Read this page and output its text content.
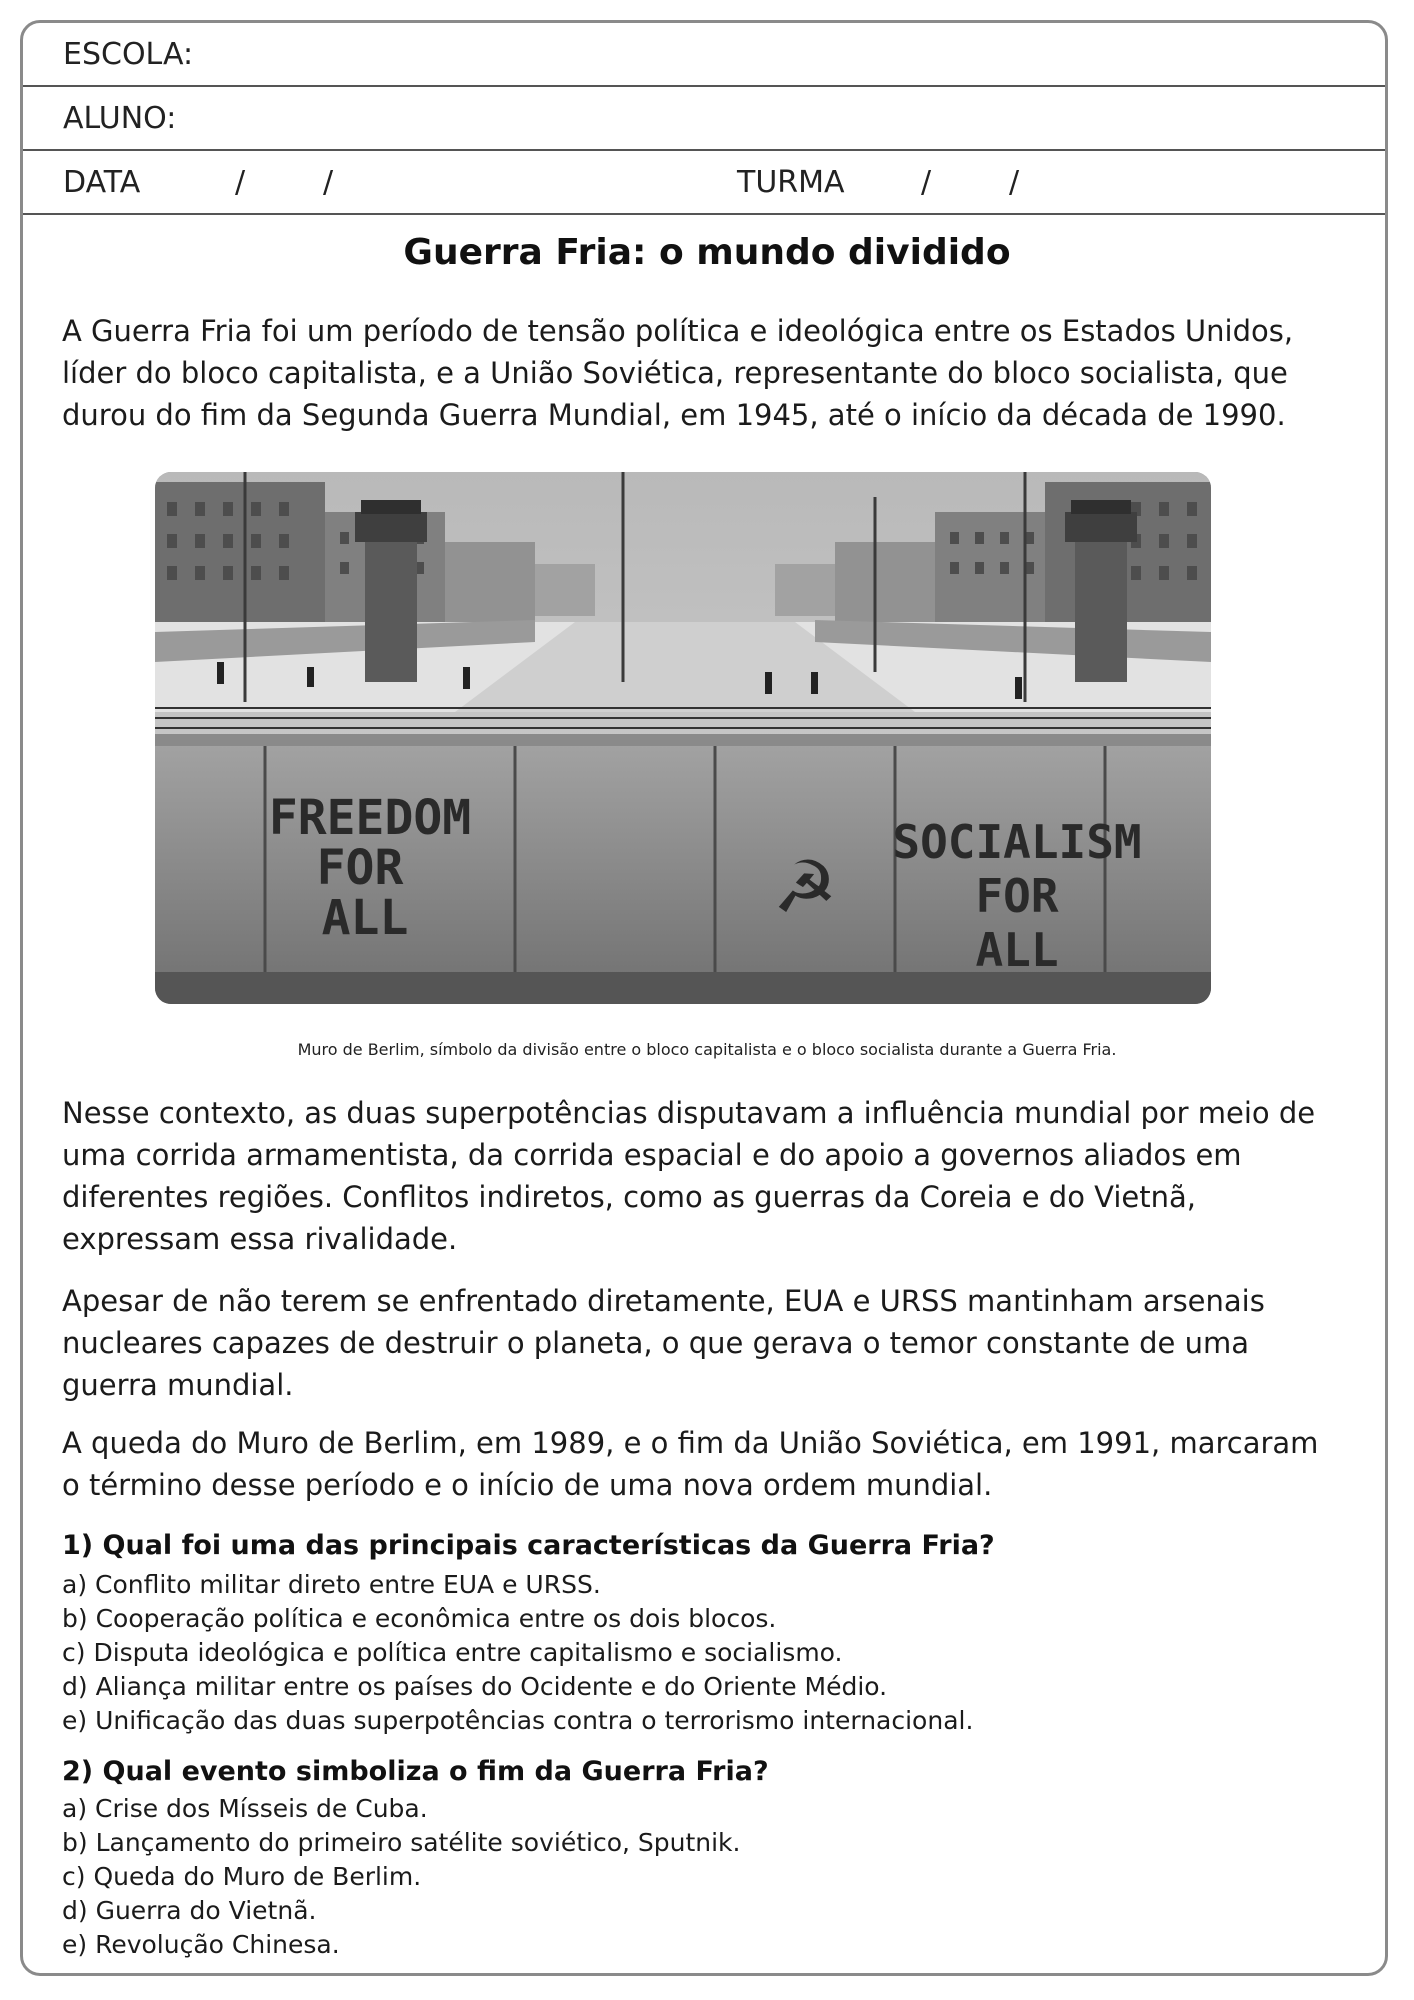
ESCOLA:
ALUNO:
DATA	/	/	TURMA	/	/
Guerra Fria: o mundo dividido

A Guerra Fria foi um período de tensão política e ideológica entre os Estados Unidos, líder do bloco capitalista, e a União Soviética, representante do bloco socialista, que durou do fim da Segunda Guerra Mundial, em 1945, até o início da década de 1990.

FREEDOM
FOR
ALL
SOCIALISM
FOR
ALL
☭
Muro de Berlim, símbolo da divisão entre o bloco capitalista e o bloco socialista durante a Guerra Fria.

Nesse contexto, as duas superpotências disputavam a influência mundial por meio de uma corrida armamentista, da corrida espacial e do apoio a governos aliados em diferentes regiões. Conflitos indiretos, como as guerras da Coreia e do Vietnã, expressam essa rivalidade.

Apesar de não terem se enfrentado diretamente, EUA e URSS mantinham arsenais nucleares capazes de destruir o planeta, o que gerava o temor constante de uma guerra mundial.

A queda do Muro de Berlim, em 1989, e o fim da União Soviética, em 1991, marcaram o término desse período e o início de uma nova ordem mundial.

1) Qual foi uma das principais características da Guerra Fria?

a) Conflito militar direto entre EUA e URSS.
b) Cooperação política e econômica entre os dois blocos.
c) Disputa ideológica e política entre capitalismo e socialismo.
d) Aliança militar entre os países do Ocidente e do Oriente Médio.
e) Unificação das duas superpotências contra o terrorismo internacional.

2) Qual evento simboliza o fim da Guerra Fria?

a) Crise dos Mísseis de Cuba.
b) Lançamento do primeiro satélite soviético, Sputnik.
c) Queda do Muro de Berlim.
d) Guerra do Vietnã.
e) Revolução Chinesa.
